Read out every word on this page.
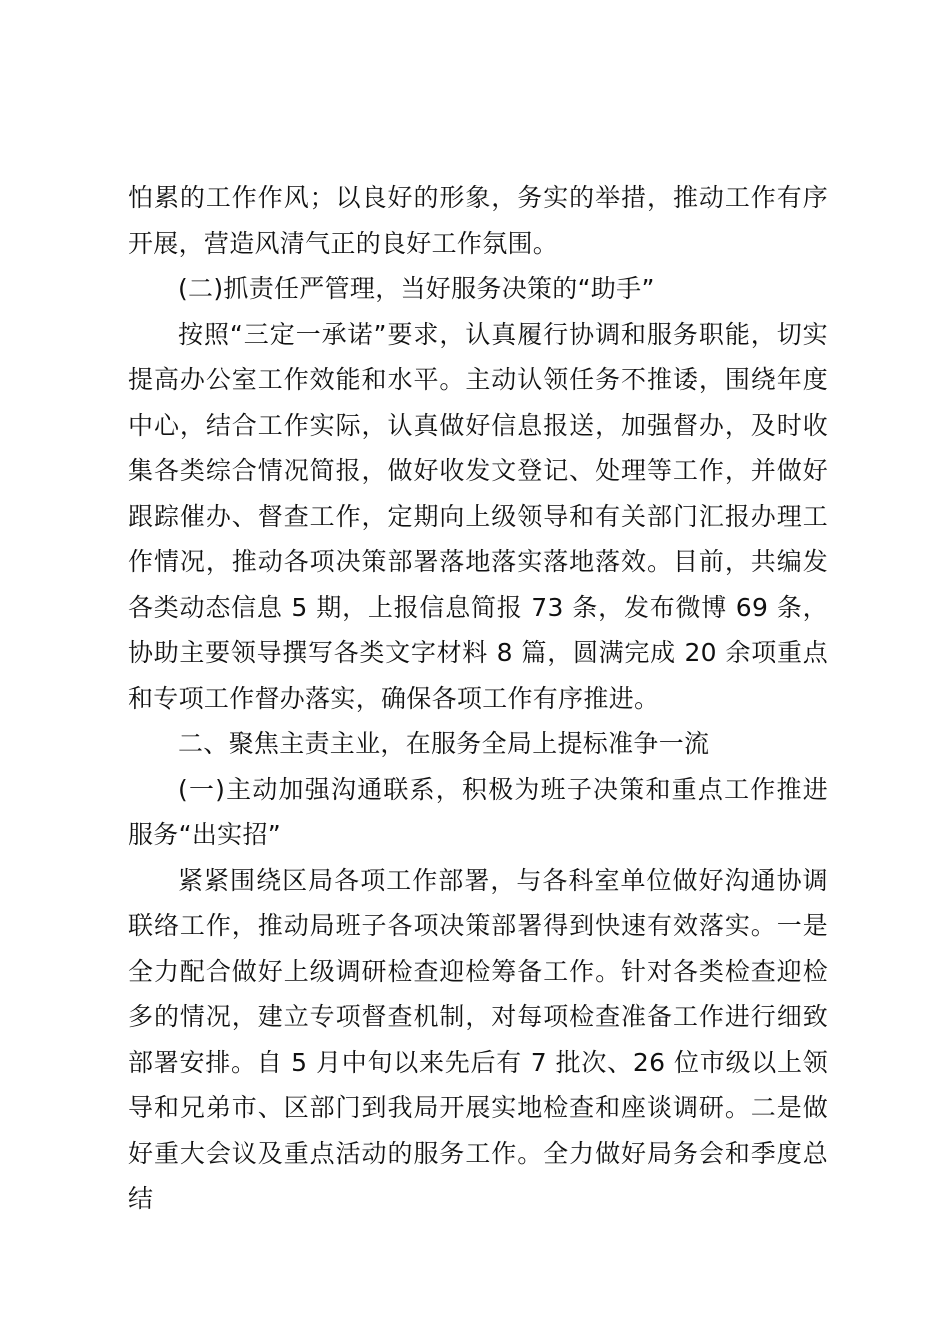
怕累的工作作风；以良好的形象，务实的举措，推动工作有序开展，营造风清气正的良好工作氛围。

(二)抓责任严管理，当好服务决策的“助手”

按照“三定一承诺”要求，认真履行协调和服务职能，切实提高办公室工作效能和水平。主动认领任务不推诿，围绕年度中心，结合工作实际，认真做好信息报送，加强督办，及时收集各类综合情况简报，做好收发文登记、处理等工作，并做好跟踪催办、督查工作，定期向上级领导和有关部门汇报办理工作情况，推动各项决策部署落地落实落地落效。目前，共编发各类动态信息 5 期，上报信息简报 73 条，发布微博 69 条，协助主要领导撰写各类文字材料 8 篇，圆满完成 20 余项重点和专项工作督办落实，确保各项工作有序推进。

二、聚焦主责主业，在服务全局上提标准争一流

(一)主动加强沟通联系，积极为班子决策和重点工作推进服务“出实招”

紧紧围绕区局各项工作部署，与各科室单位做好沟通协调联络工作，推动局班子各项决策部署得到快速有效落实。一是全力配合做好上级调研检查迎检筹备工作。针对各类检查迎检多的情况，建立专项督查机制，对每项检查准备工作进行细致部署安排。自 5 月中旬以来先后有 7 批次、26 位市级以上领导和兄弟市、区部门到我局开展实地检查和座谈调研。二是做好重大会议及重点活动的服务工作。全力做好局务会和季度总结
